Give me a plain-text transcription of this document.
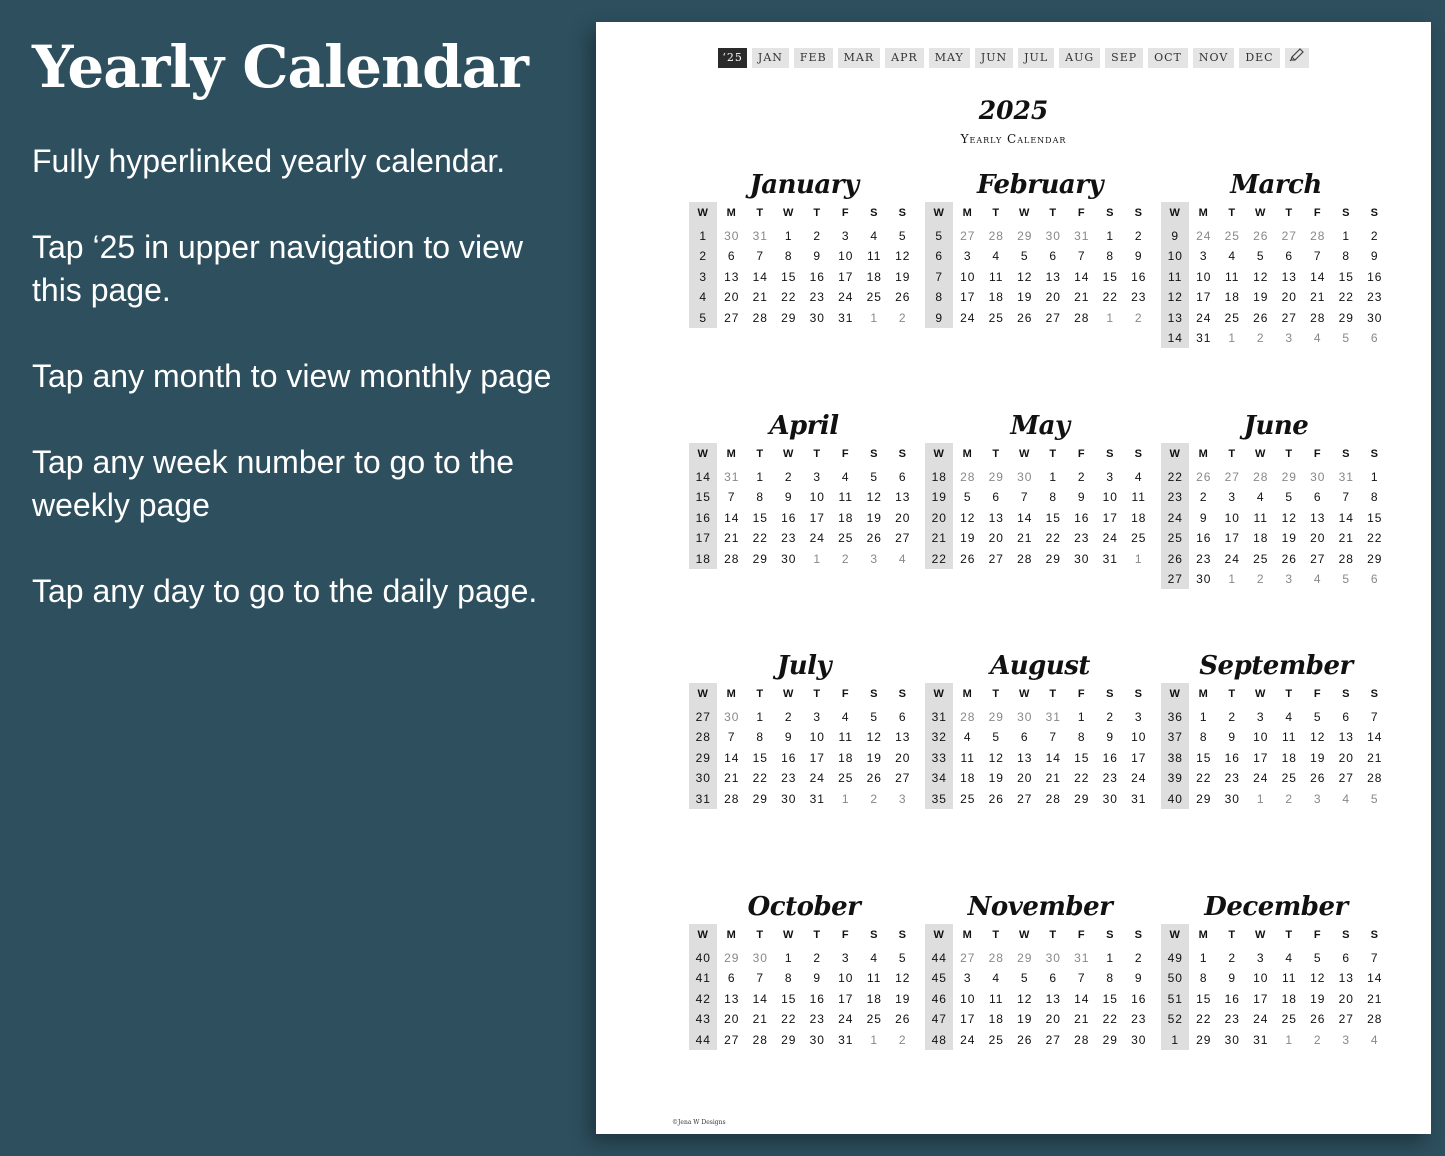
Yearly Calendar

Fully hyperlinked yearly calendar.

Tap ‘25 in upper navigation to view this page.

Tap any month to view monthly page

Tap any week number to go to the weekly page

Tap any day to go to the daily page.

‘25	JAN	FEB	MAR	APR	MAY	JUN	JUL	AUG	SEP	OCT	NOV	DEC
2025
Yearly Calendar
January
W	M	T	W	T	F	S	S
1	30	31	1	2	3	4	5
2	6	7	8	9	10	11	12
3	13	14	15	16	17	18	19
4	20	21	22	23	24	25	26
5	27	28	29	30	31	1	2
February
W	M	T	W	T	F	S	S
5	27	28	29	30	31	1	2
6	3	4	5	6	7	8	9
7	10	11	12	13	14	15	16
8	17	18	19	20	21	22	23
9	24	25	26	27	28	1	2
March
W	M	T	W	T	F	S	S
9	24	25	26	27	28	1	2
10	3	4	5	6	7	8	9
11	10	11	12	13	14	15	16
12	17	18	19	20	21	22	23
13	24	25	26	27	28	29	30
14	31	1	2	3	4	5	6
April
W	M	T	W	T	F	S	S
14	31	1	2	3	4	5	6
15	7	8	9	10	11	12	13
16	14	15	16	17	18	19	20
17	21	22	23	24	25	26	27
18	28	29	30	1	2	3	4
May
W	M	T	W	T	F	S	S
18	28	29	30	1	2	3	4
19	5	6	7	8	9	10	11
20	12	13	14	15	16	17	18
21	19	20	21	22	23	24	25
22	26	27	28	29	30	31	1
June
W	M	T	W	T	F	S	S
22	26	27	28	29	30	31	1
23	2	3	4	5	6	7	8
24	9	10	11	12	13	14	15
25	16	17	18	19	20	21	22
26	23	24	25	26	27	28	29
27	30	1	2	3	4	5	6
July
W	M	T	W	T	F	S	S
27	30	1	2	3	4	5	6
28	7	8	9	10	11	12	13
29	14	15	16	17	18	19	20
30	21	22	23	24	25	26	27
31	28	29	30	31	1	2	3
August
W	M	T	W	T	F	S	S
31	28	29	30	31	1	2	3
32	4	5	6	7	8	9	10
33	11	12	13	14	15	16	17
34	18	19	20	21	22	23	24
35	25	26	27	28	29	30	31
September
W	M	T	W	T	F	S	S
36	1	2	3	4	5	6	7
37	8	9	10	11	12	13	14
38	15	16	17	18	19	20	21
39	22	23	24	25	26	27	28
40	29	30	1	2	3	4	5
October
W	M	T	W	T	F	S	S
40	29	30	1	2	3	4	5
41	6	7	8	9	10	11	12
42	13	14	15	16	17	18	19
43	20	21	22	23	24	25	26
44	27	28	29	30	31	1	2
November
W	M	T	W	T	F	S	S
44	27	28	29	30	31	1	2
45	3	4	5	6	7	8	9
46	10	11	12	13	14	15	16
47	17	18	19	20	21	22	23
48	24	25	26	27	28	29	30
December
W	M	T	W	T	F	S	S
49	1	2	3	4	5	6	7
50	8	9	10	11	12	13	14
51	15	16	17	18	19	20	21
52	22	23	24	25	26	27	28
1	29	30	31	1	2	3	4
©Jena W Designs
